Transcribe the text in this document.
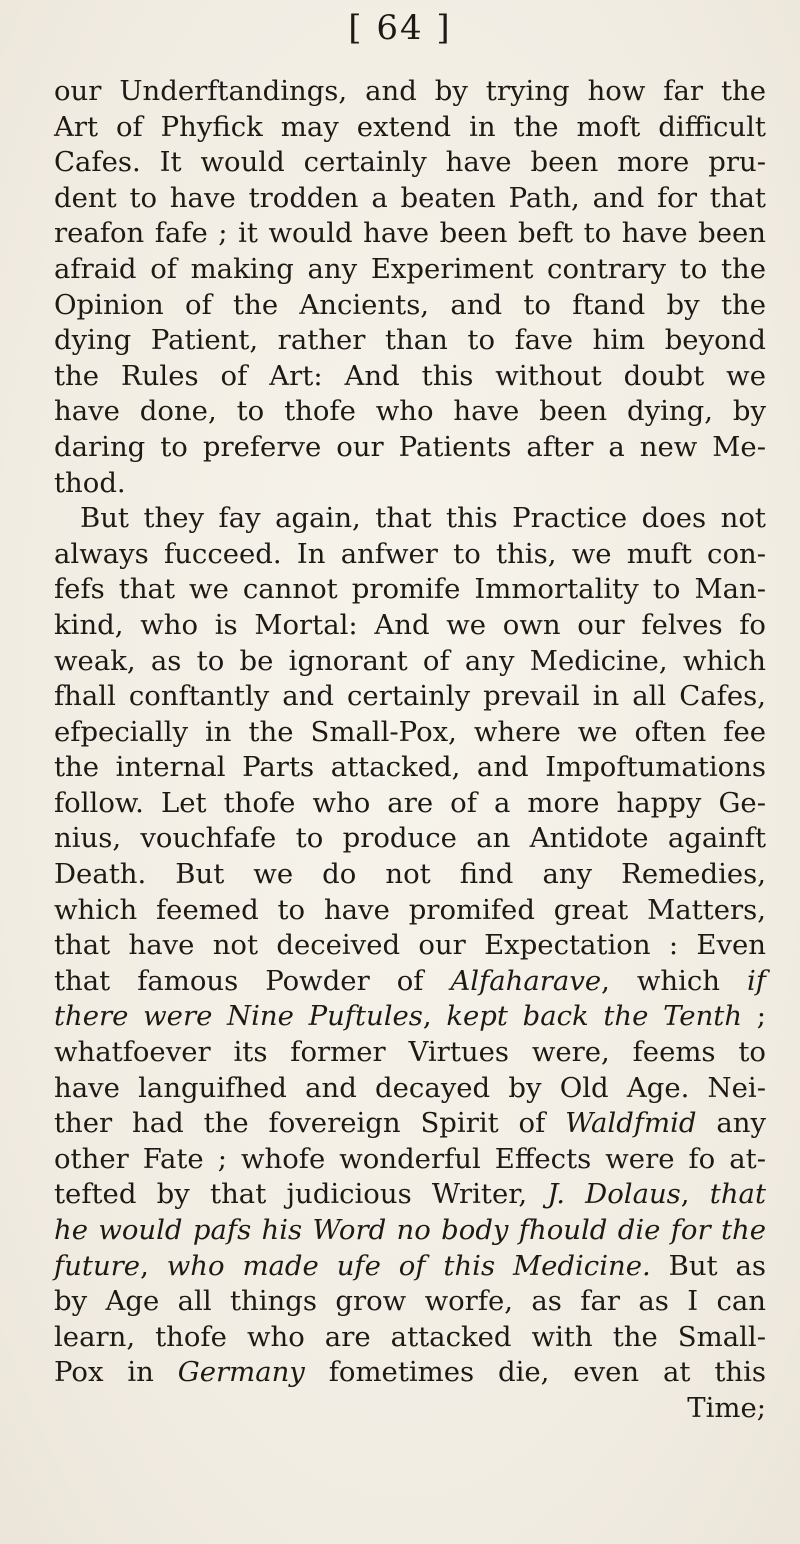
[ 64 ]
our Underftandings, and by trying how far the
Art of Phyfick may extend in the moft difficult
Cafes. It would certainly have been more pru-
dent to have trodden a beaten Path, and for that
reafon fafe ; it would have been beft to have been
afraid of making any Experiment contrary to the
Opinion of the Ancients, and to ftand by the
dying Patient, rather than to fave him beyond
the Rules of Art: And this without doubt we
have done, to thofe who have been dying, by
daring to preferve our Patients after a new Me-
thod.
But they fay again, that this Practice does not
always fucceed. In anfwer to this, we muft con-
fefs that we cannot promife Immortality to Man-
kind, who is Mortal: And we own our felves fo
weak, as to be ignorant of any Medicine, which
fhall conftantly and certainly prevail in all Cafes,
efpecially in the Small-Pox, where we often fee
the internal Parts attacked, and Impoftumations
follow. Let thofe who are of a more happy Ge-
nius, vouchfafe to produce an Antidote againft
Death. But we do not find any Remedies,
which feemed to have promifed great Matters,
that have not deceived our Expectation : Even
that famous Powder of Alfaharave, which if
there were Nine Puftules, kept back the Tenth ;
whatfoever its former Virtues were, feems to
have languifhed and decayed by Old Age. Nei-
ther had the fovereign Spirit of Waldfmid any
other Fate ; whofe wonderful Effects were fo at-
tefted by that judicious Writer, J. Dolaus, that
he would pafs his Word no body fhould die for the
future, who made ufe of this Medicine. But as
by Age all things grow worfe, as far as I can
learn, thofe who are attacked with the Small-
Pox in Germany fometimes die, even at this
Time;
